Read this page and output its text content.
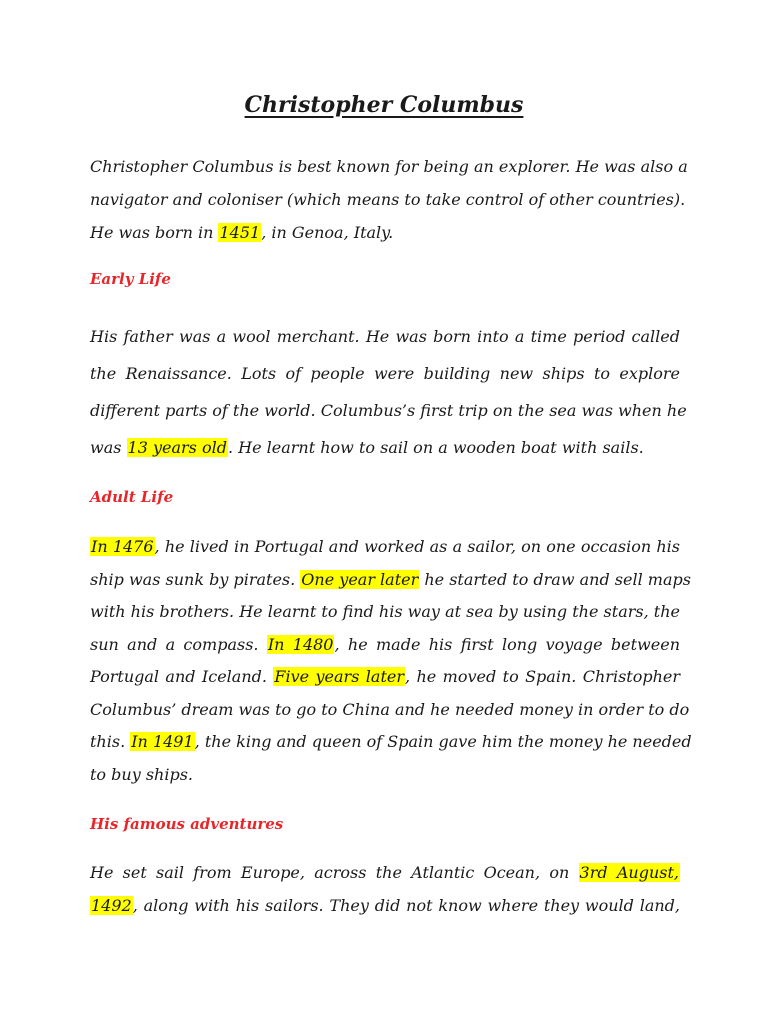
Christopher Columbus
Christopher Columbus is best known for being an explorer. He was also a
navigator and coloniser (which means to take control of other countries).
He was born in 1451, in Genoa, Italy.
Early Life
His father was a wool merchant. He was born into a time period called
the Renaissance. Lots of people were building new ships to explore
different parts of the world. Columbus’s first trip on the sea was when he
was 13 years old. He learnt how to sail on a wooden boat with sails.
Adult Life
In 1476, he lived in Portugal and worked as a sailor, on one occasion his
ship was sunk by pirates. One year later he started to draw and sell maps
with his brothers. He learnt to find his way at sea by using the stars, the
sun and a compass. In 1480, he made his first long voyage between
Portugal and Iceland. Five years later, he moved to Spain. Christopher
Columbus’ dream was to go to China and he needed money in order to do
this. In 1491, the king and queen of Spain gave him the money he needed
to buy ships.
His famous adventures
He set sail from Europe, across the Atlantic Ocean, on 3rd August,
1492, along with his sailors. They did not know where they would land,
